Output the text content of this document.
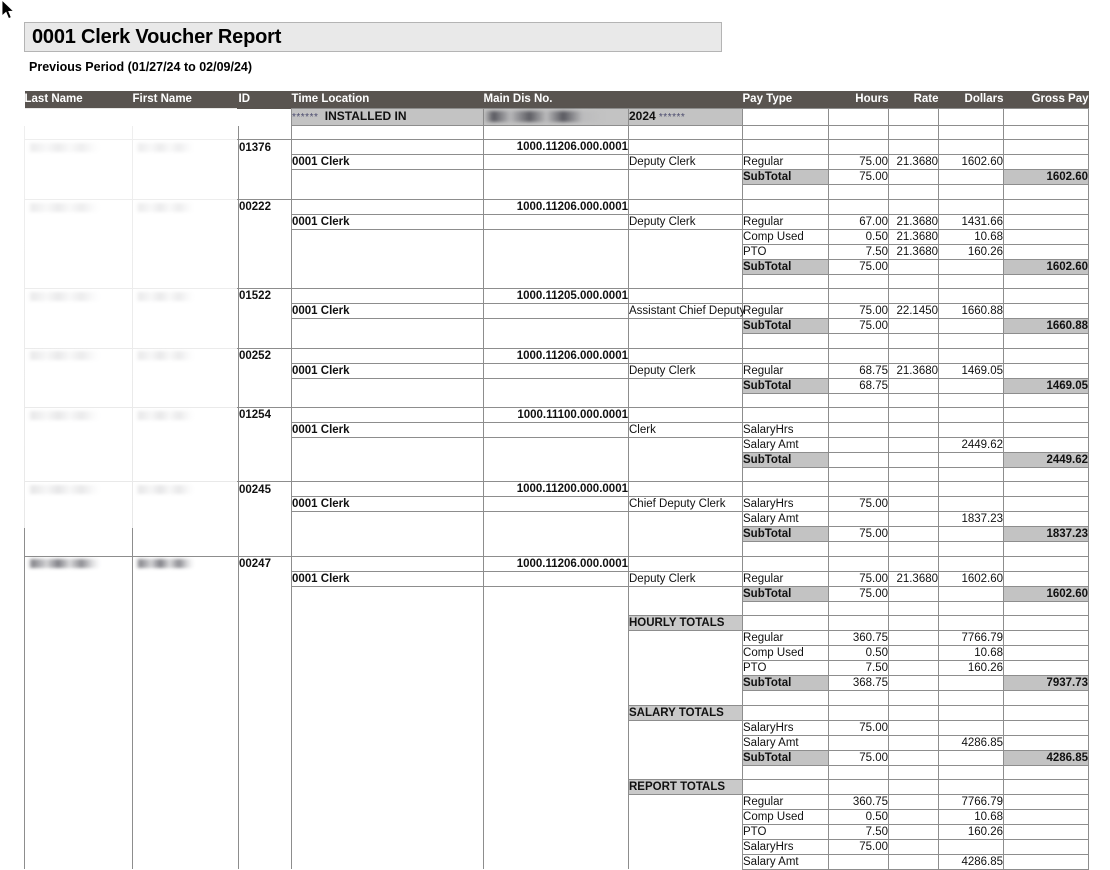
0001 Clerk Voucher Report
Previous Period (01/27/24 to 02/09/24)
Last Name	First Name	ID	Time Location	Main Dis No.		Pay Type	Hours	Rate	Dollars	Gross Pay
			****** INSTALLED IN		2024 ******					

	01376		1000.11206.000.0001						
			0001 Clerk		Deputy Clerk	Regular	75.00	21.3680	1602.60	
						SubTotal	75.00			1602.60

	00222		1000.11206.000.0001						
			0001 Clerk		Deputy Clerk	Regular	67.00	21.3680	1431.66	
						Comp Used	0.50	21.3680	10.68	
						PTO	7.50	21.3680	160.26	
						SubTotal	75.00			1602.60

	01522		1000.11205.000.0001						
			0001 Clerk		Assistant Chief Deputy	Regular	75.00	22.1450	1660.88	
						SubTotal	75.00			1660.88

	00252		1000.11206.000.0001						
			0001 Clerk		Deputy Clerk	Regular	68.75	21.3680	1469.05	
						SubTotal	68.75			1469.05

	01254		1000.11100.000.0001						
			0001 Clerk		Clerk	SalaryHrs				
						Salary Amt			2449.62	
						SubTotal				2449.62

	00245		1000.11200.000.0001						
			0001 Clerk		Chief Deputy Clerk	SalaryHrs	75.00			
						Salary Amt			1837.23	
						SubTotal	75.00			1837.23

	00247		1000.11206.000.0001						
			0001 Clerk		Deputy Clerk	Regular	75.00	21.3680	1602.60	
						SubTotal	75.00			1602.60

					HOURLY TOTALS					
						Regular	360.75		7766.79	
						Comp Used	0.50		10.68	
						PTO	7.50		160.26	
						SubTotal	368.75			7937.73

					SALARY TOTALS					
						SalaryHrs	75.00			
						Salary Amt			4286.85	
						SubTotal	75.00			4286.85

					REPORT TOTALS					
						Regular	360.75		7766.79	
						Comp Used	0.50		10.68	
						PTO	7.50		160.26	
						SalaryHrs	75.00			
						Salary Amt			4286.85	
